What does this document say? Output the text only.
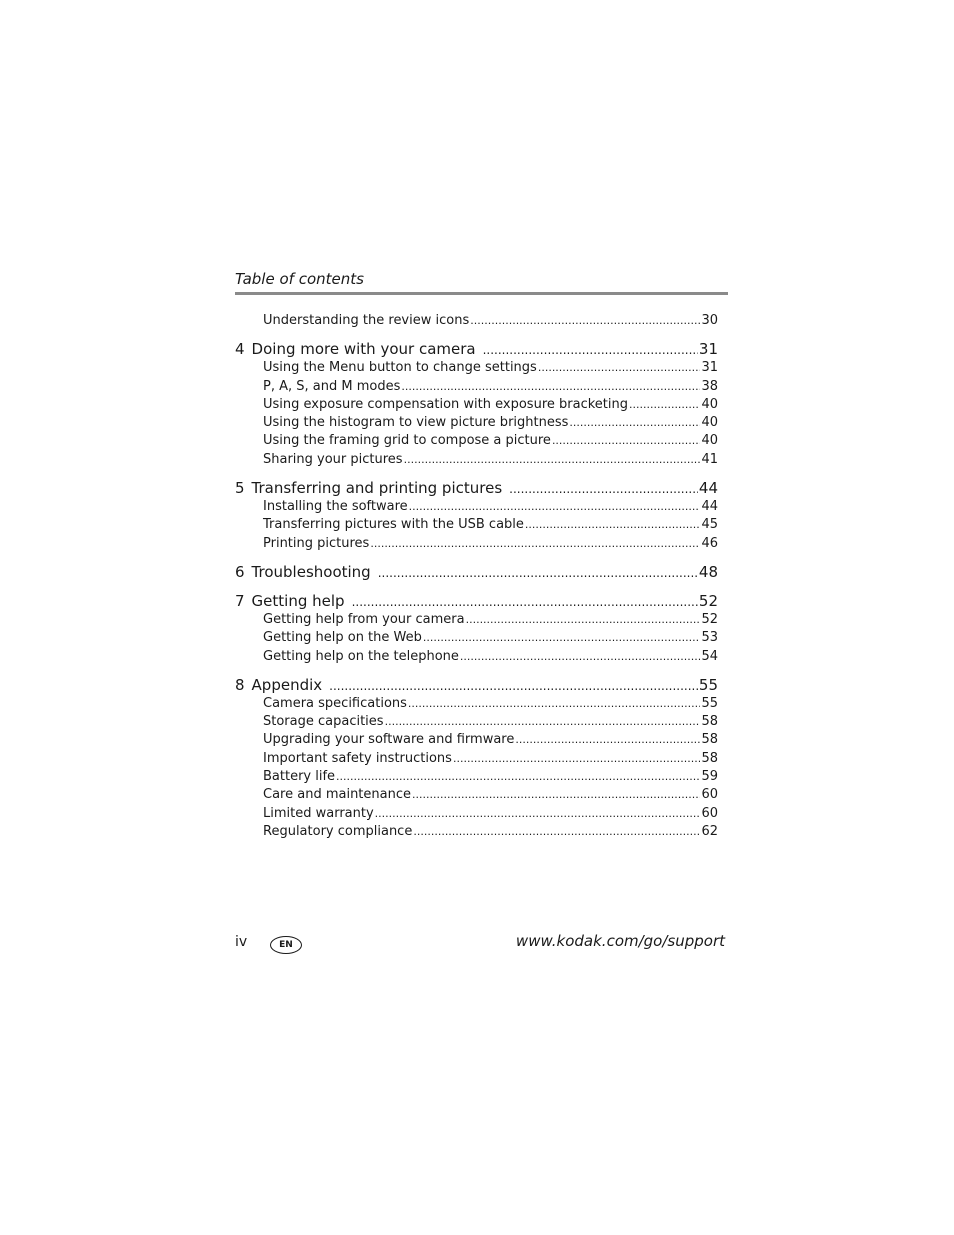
Table of contents
Understanding the review icons .....	30
4 Doing more with your camera .....	31
Using the Menu button to change settings .....	31
P, A, S, and M modes .....	38
Using exposure compensation with exposure bracketing .....	40
Using the histogram to view picture brightness .....	40
Using the framing grid to compose a picture .....	40
Sharing your pictures .....	41
5 Transferring and printing pictures .....	44
Installing the software .....	44
Transferring pictures with the USB cable .....	45
Printing pictures .....	46
6 Troubleshooting .....	48
7 Getting help .....	52
Getting help from your camera .....	52
Getting help on the Web .....	53
Getting help on the telephone .....	54
8 Appendix .....	55
Camera specifications .....	55
Storage capacities .....	58
Upgrading your software and firmware .....	58
Important safety instructions .....	58
Battery life .....	59
Care and maintenance .....	60
Limited warranty .....	60
Regulatory compliance .....	62
iv	EN	www.kodak.com/go/support
